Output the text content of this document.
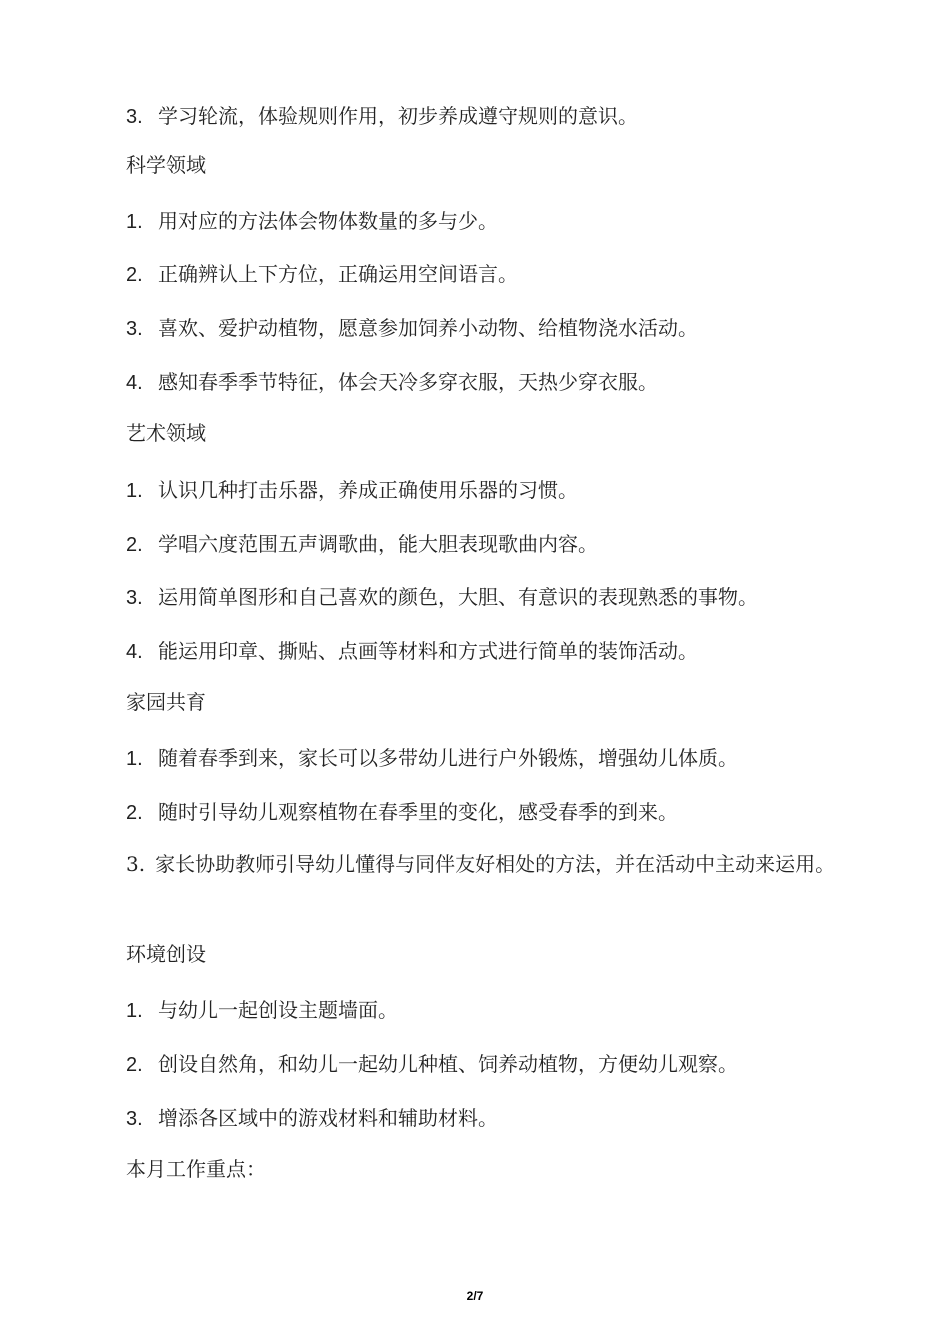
3. 学习轮流，体验规则作用，初步养成遵守规则的意识。
科学领域
1. 用对应的方法体会物体数量的多与少。
2. 正确辨认上下方位，正确运用空间语言。
3. 喜欢、爱护动植物，愿意参加饲养小动物、给植物浇水活动。
4. 感知春季季节特征，体会天冷多穿衣服，天热少穿衣服。
艺术领域
1. 认识几种打击乐器，养成正确使用乐器的习惯。
2. 学唱六度范围五声调歌曲，能大胆表现歌曲内容。
3. 运用简单图形和自己喜欢的颜色，大胆、有意识的表现熟悉的事物。
4. 能运用印章、撕贴、点画等材料和方式进行简单的装饰活动。
家园共育
1. 随着春季到来，家长可以多带幼儿进行户外锻炼，增强幼儿体质。
2. 随时引导幼儿观察植物在春季里的变化，感受春季的到来。
3. 家长协助教师引导幼儿懂得与同伴友好相处的方法，并在活动中主动来运用。
环境创设
1. 与幼儿一起创设主题墙面。
2. 创设自然角，和幼儿一起幼儿种植、饲养动植物，方便幼儿观察。
3. 增添各区域中的游戏材料和辅助材料。
本月工作重点：
2/7
